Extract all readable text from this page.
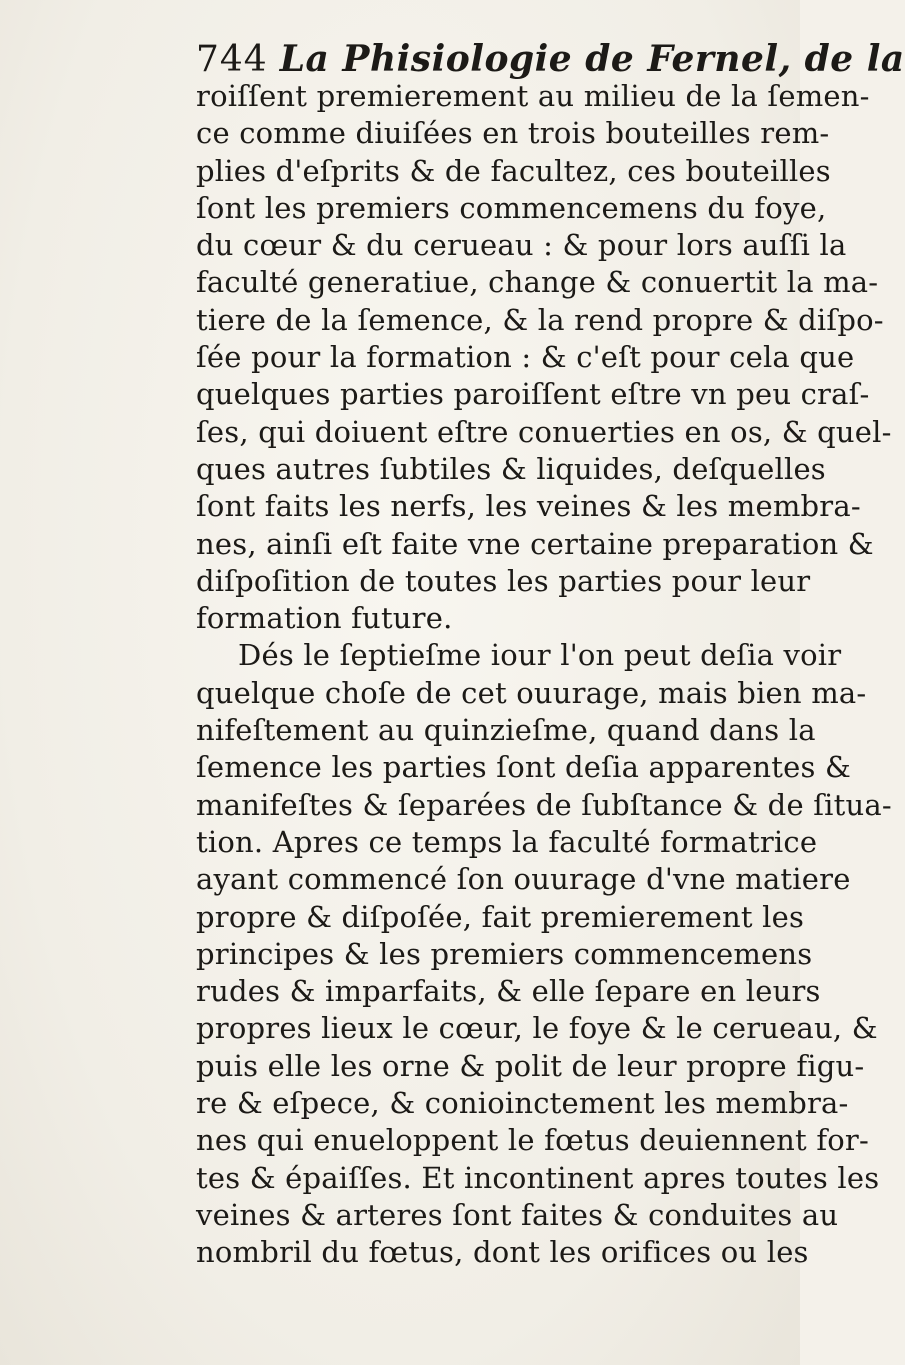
744 La Phisiologie de Fernel, de la
roiſſent premierement au milieu de la ſemen-
ce comme diuiſées en trois bouteilles rem-
plies d'eſprits & de facultez, ces bouteilles
ſont les premiers commencemens du foye,
du cœur & du cerueau : & pour lors auſſi la
faculté generatiue, change & conuertit la ma-
tiere de la ſemence, & la rend propre & diſpo-
ſée pour la formation : & c'eſt pour cela que
quelques parties paroiſſent eſtre vn peu craſ-
ſes, qui doiuent eſtre conuerties en os, & quel-
ques autres ſubtiles & liquides, deſquelles
ſont faits les nerfs, les veines & les membra-
nes, ainſi eſt faite vne certaine preparation &
diſpoſition de toutes les parties pour leur
formation future.
Dés le ſeptieſme iour l'on peut deſia voir
quelque choſe de cet ouurage, mais bien ma-
nifeſtement au quinzieſme, quand dans la
ſemence les parties ſont deſia apparentes &
manifeſtes & ſeparées de ſubſtance & de ſitua-
tion. Apres ce temps la faculté formatrice
ayant commencé ſon ouurage d'vne matiere
propre & diſpoſée, fait premierement les
principes & les premiers commencemens
rudes & imparfaits, & elle ſepare en leurs
propres lieux le cœur, le foye & le cerueau, &
puis elle les orne & polit de leur propre figu-
re & eſpece, & conioinctement les membra-
nes qui enueloppent le fœtus deuiennent for-
tes & épaiſſes. Et incontinent apres toutes les
veines & arteres ſont faites & conduites au
nombril du fœtus, dont les orifices ou les
